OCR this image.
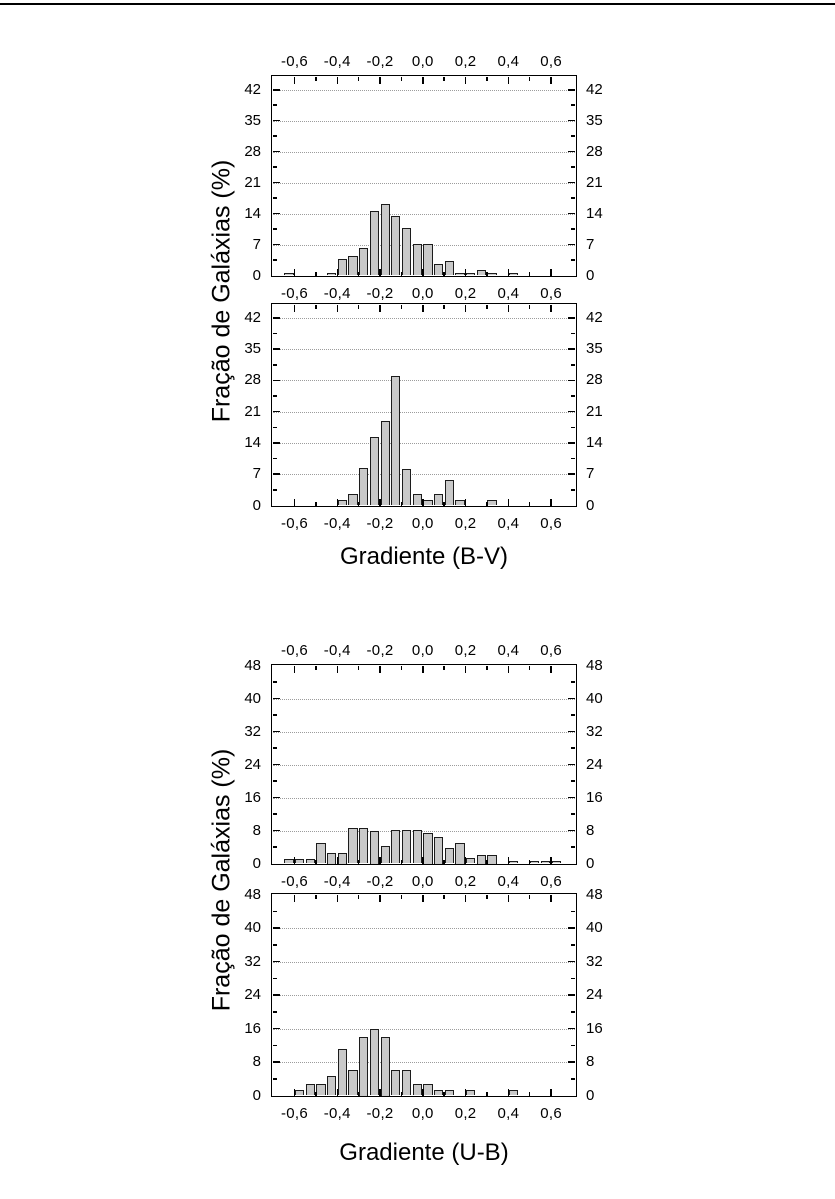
Fração de Galáxias (%)
Gradiente (B-V)
Fração de Galáxias (%)
Gradiente (U-B)
0	0
7	7
14	14
21	21
28	28
35	35
42	42
-0,6	-0,4	-0,2	0,0	0,2	0,4	0,6
-0,6	-0,4	-0,2	0,0	0,2	0,4	0,6
0	0
7	7
14	14
21	21
28	28
35	35
42	42
-0,6	-0,4	-0,2	0,0	0,2	0,4	0,6
0	0
8	8
16	16
24	24
32	32
40	40
48	48
-0,6	-0,4	-0,2	0,0	0,2	0,4	0,6
-0,6	-0,4	-0,2	0,0	0,2	0,4	0,6
0	0
8	8
16	16
24	24
32	32
40	40
48	48
-0,6	-0,4	-0,2	0,0	0,2	0,4	0,6
